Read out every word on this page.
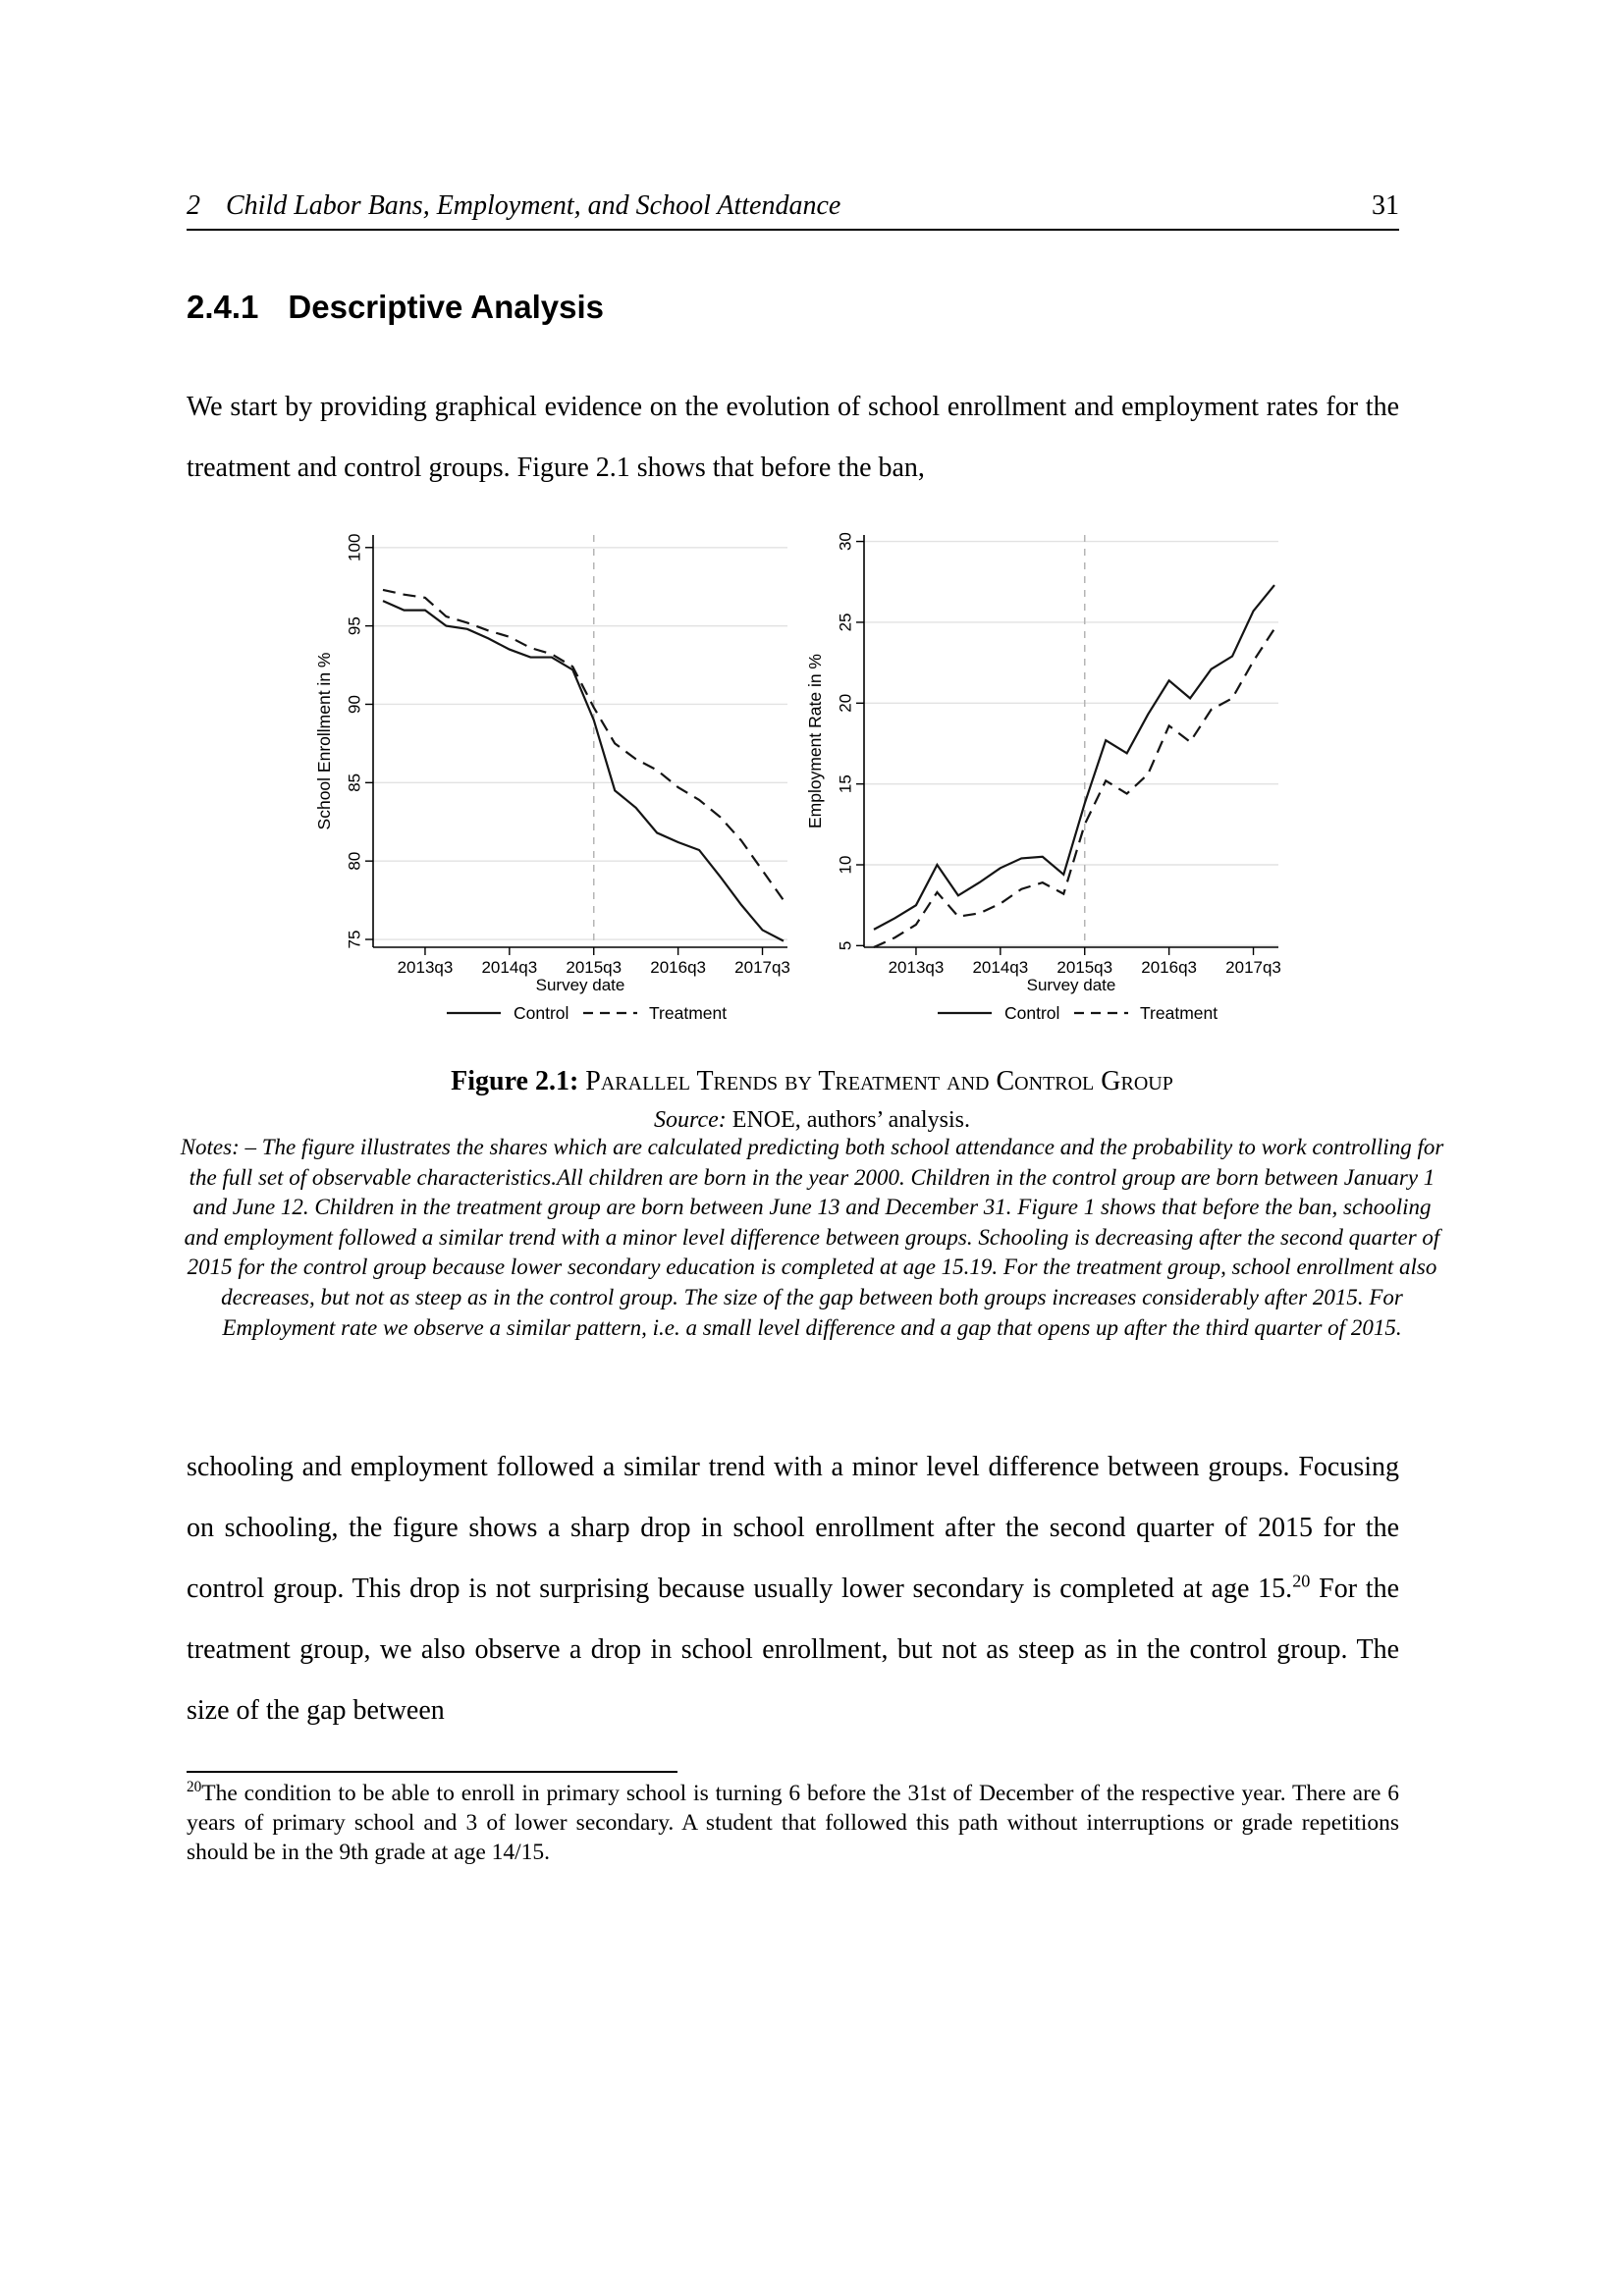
2 Child Labor Bans, Employment, and School Attendance	31
2.4.1 Descriptive Analysis

We start by providing graphical evidence on the evolution of school enrollment and employment rates for the treatment and control groups. Figure 2.1 shows that before the ban,

75
80
85
90
95
100
2013q3 2014q3 2015q3 2016q3 2017q3
Survey date
School Enrollment in %
Control	Treatment
5
10
15
20
25
30
2013q3 2014q3 2015q3 2016q3 2017q3
Survey date
Employment Rate in %
Control	Treatment
Figure 2.1: Parallel Trends by Treatment and Control Group
Source: ENOE, authors’ analysis.
Notes: – The figure illustrates the shares which are calculated predicting both school attendance and the probability to work controlling for the full set of observable characteristics.All children are born in the year 2000. Children in the control group are born between January 1 and June 12. Children in the treatment group are born between June 13 and December 31. Figure 1 shows that before the ban, schooling and employment followed a similar trend with a minor level difference between groups. Schooling is decreasing after the second quarter of 2015 for the control group because lower secondary education is completed at age 15.19. For the treatment group, school enrollment also decreases, but not as steep as in the control group. The size of the gap between both groups increases considerably after 2015. For Employment rate we observe a similar pattern, i.e. a small level difference and a gap that opens up after the third quarter of 2015.

schooling and employment followed a similar trend with a minor level difference between groups. Focusing on schooling, the figure shows a sharp drop in school enrollment after the second quarter of 2015 for the control group. This drop is not surprising because usually lower secondary is completed at age 15.20 For the treatment group, we also observe a drop in school enrollment, but not as steep as in the control group. The size of the gap between

$^{20}$The condition to be able to enroll in primary school is turning 6 before the 31st of December of the respective year. There are 6 years of primary school and 3 of lower secondary. A student that followed this path without interruptions or grade repetitions should be in the 9th grade at age 14/15.
